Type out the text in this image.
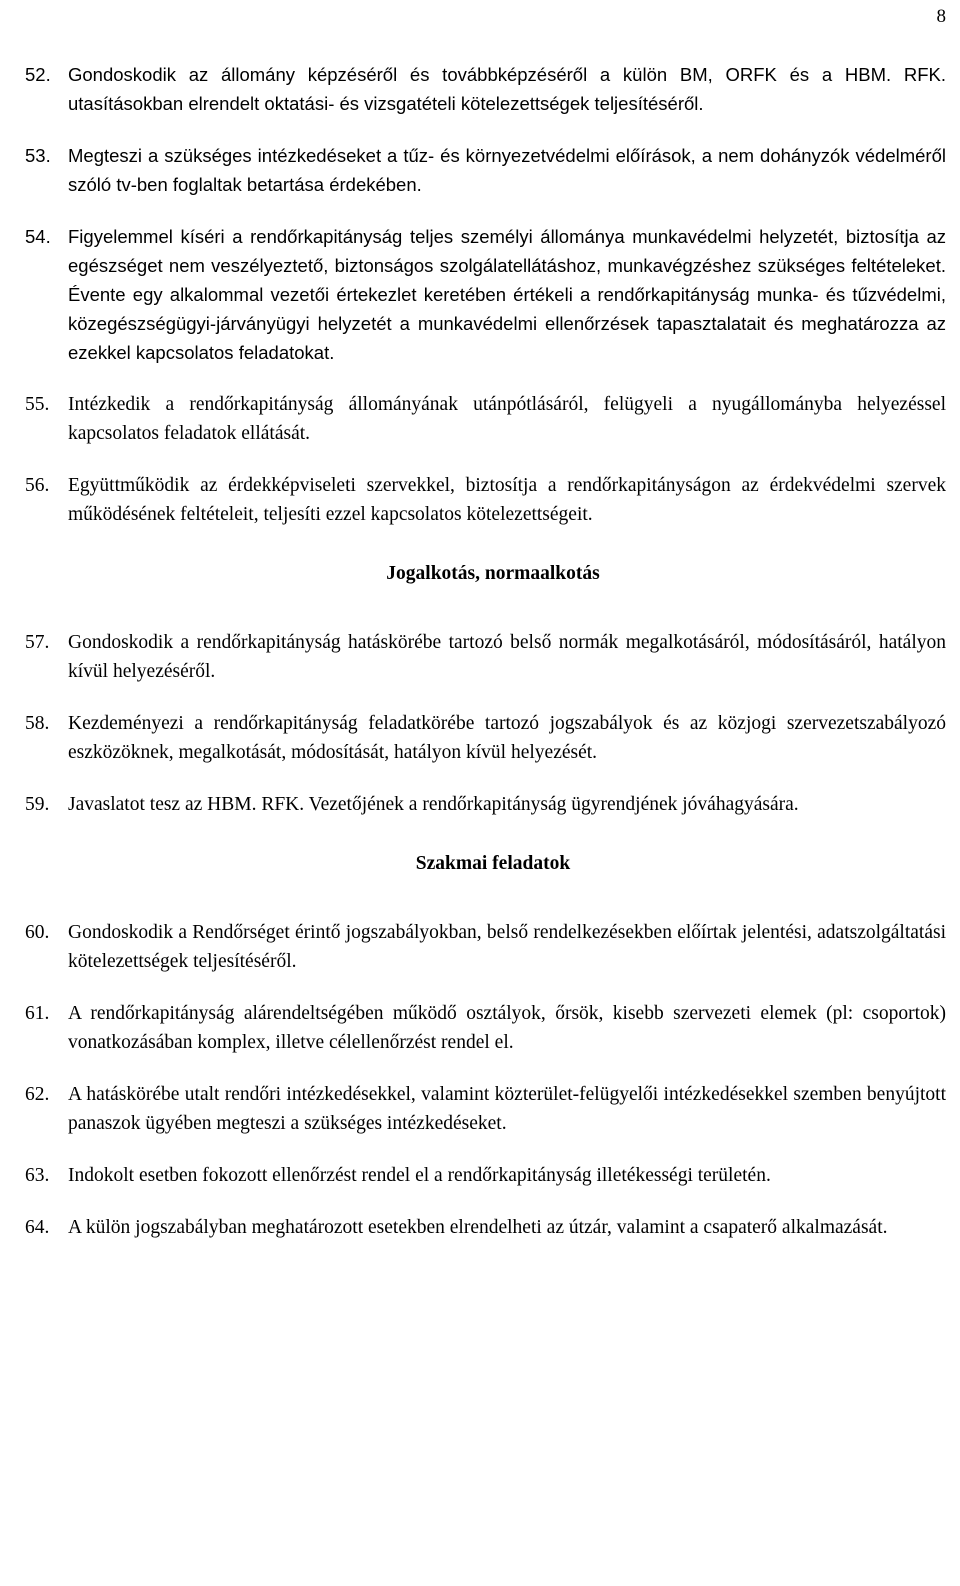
8
52. Gondoskodik az állomány képzéséről és továbbképzéséről a külön BM, ORFK és a HBM. RFK. utasításokban elrendelt oktatási- és vizsgatételi kötelezettségek teljesítéséről.
53. Megteszi a szükséges intézkedéseket a tűz- és környezetvédelmi előírások, a nem dohányzók védelméről szóló tv-ben foglaltak betartása érdekében.
54. Figyelemmel kíséri a rendőrkapitányság teljes személyi állománya munkavédelmi helyzetét, biztosítja az egészséget nem veszélyeztető, biztonságos szolgálatellátáshoz, munkavégzéshez szükséges feltételeket. Évente egy alkalommal vezetői értekezlet keretében értékeli a rendőrkapitányság munka- és tűzvédelmi, közegészségügyi-járványügyi helyzetét a munkavédelmi ellenőrzések tapasztalatait és meghatározza az ezekkel kapcsolatos feladatokat.
55. Intézkedik a rendőrkapitányság állományának utánpótlásáról, felügyeli a nyugállományba helyezéssel kapcsolatos feladatok ellátását.
56. Együttműködik az érdekképviseleti szervekkel, biztosítja a rendőrkapitányságon az érdekvédelmi szervek működésének feltételeit, teljesíti ezzel kapcsolatos kötelezettségeit.
Jogalkotás, normaalkotás
57. Gondoskodik a rendőrkapitányság hatáskörébe tartozó belső normák megalkotásáról, módosításáról, hatályon kívül helyezéséről.
58. Kezdeményezi a rendőrkapitányság feladatkörébe tartozó jogszabályok és az közjogi szervezetszabályozó eszközöknek, megalkotását, módosítását, hatályon kívül helyezését.
59. Javaslatot tesz az HBM. RFK. Vezetőjének a rendőrkapitányság ügyrendjének jóváhagyására.
Szakmai feladatok
60. Gondoskodik a Rendőrséget érintő jogszabályokban, belső rendelkezésekben előírtak jelentési, adatszolgáltatási kötelezettségek teljesítéséről.
61. A rendőrkapitányság alárendeltségében működő osztályok, őrsök, kisebb szervezeti elemek (pl: csoportok) vonatkozásában komplex, illetve célellenőrzést rendel el.
62. A hatáskörébe utalt rendőri intézkedésekkel, valamint közterület-felügyelői intézkedésekkel szemben benyújtott panaszok ügyében megteszi a szükséges intézkedéseket.
63. Indokolt esetben fokozott ellenőrzést rendel el a rendőrkapitányság illetékességi területén.
64. A külön jogszabályban meghatározott esetekben elrendelheti az útzár, valamint a csapaterő alkalmazását.
